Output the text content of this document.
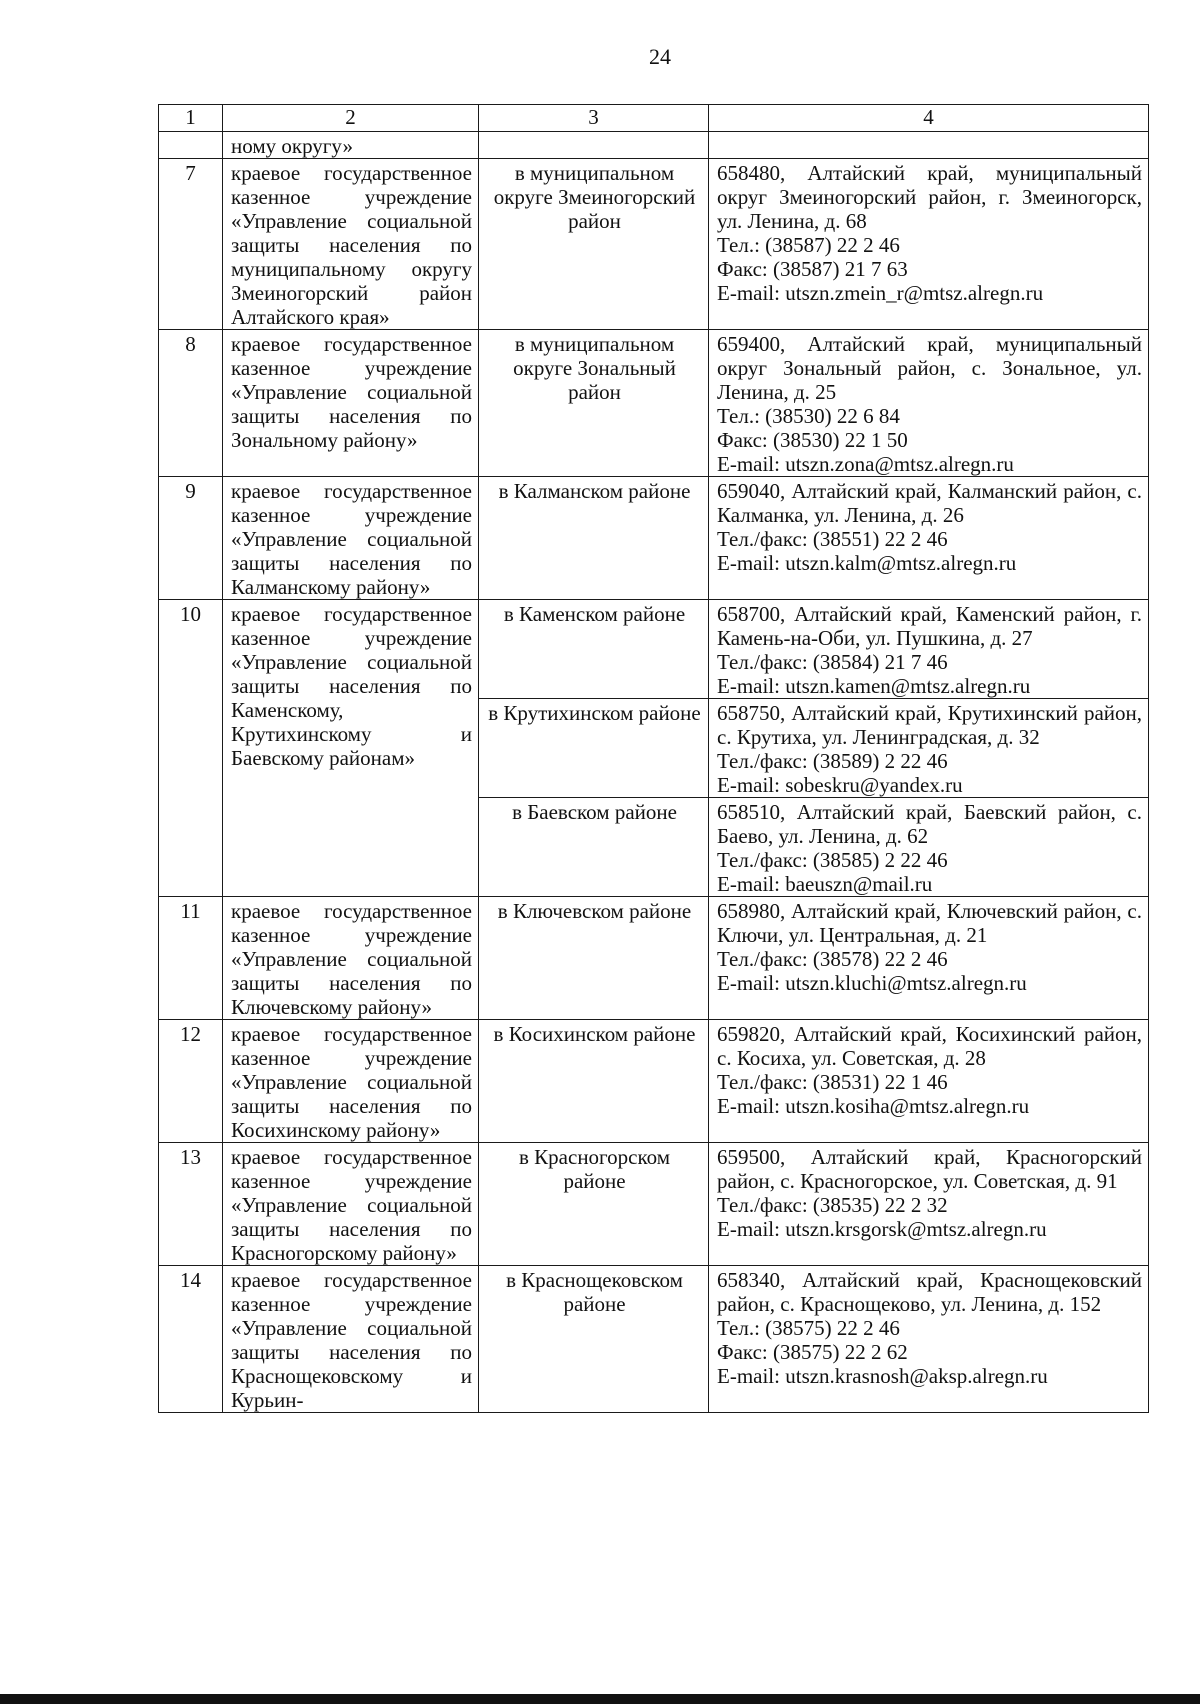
24
1	2	3	4
	ному округу»		
7	краевое государственное казенное учреждение «Управление социальной защиты населения по муниципальному округу Змеиногорский район Алтайского края»	в муниципальном округе Змеиногорский район	658480, Алтайский край, муниципальный округ Змеиногорский район, г. Змеиногорск, ул. Ленина, д. 68
Тел.: (38587) 22 2 46
Факс: (38587) 21 7 63
E-mail: utszn.zmein_r@mtsz.alregn.ru

8	краевое государственное казенное учреждение «Управление социальной защиты населения по Зональному району»	в муниципальном округе Зональный район	659400, Алтайский край, муниципальный округ Зональный район, с. Зональное, ул. Ленина, д. 25
Тел.: (38530) 22 6 84
Факс: (38530) 22 1 50
E-mail: utszn.zona@mtsz.alregn.ru

9	краевое государственное казенное учреждение «Управление социальной защиты населения по Калманскому району»	в Калманском районе	659040, Алтайский край, Калманский район, с. Калманка, ул. Ленина, д. 26
Тел./факс: (38551) 22 2 46
E-mail: utszn.kalm@mtsz.alregn.ru

10	краевое государственное казенное учреждение «Управление социальной защиты населения по Каменскому, Крутихинскому и Баевскому районам»	в Каменском районе	658700, Алтайский край, Каменский район, г. Камень-на-Оби, ул. Пушкина, д. 27
Тел./факс: (38584) 21 7 46
E-mail: utszn.kamen@mtsz.alregn.ru

		в Крутихинском районе	658750, Алтайский край, Крутихинский район, с. Крутиха, ул. Ленинградская, д. 32
Тел./факс: (38589) 2 22 46
E-mail: sobeskru@yandex.ru

		в Баевском районе	658510, Алтайский край, Баевский район, с. Баево, ул. Ленина, д. 62
Тел./факс: (38585) 2 22 46
E-mail: baeuszn@mail.ru

11	краевое государственное казенное учреждение «Управление социальной защиты населения по Ключевскому району»	в Ключевском районе	658980, Алтайский край, Ключевский район, с. Ключи, ул. Центральная, д. 21
Тел./факс: (38578) 22 2 46
E-mail: utszn.kluchi@mtsz.alregn.ru

12	краевое государственное казенное учреждение «Управление социальной защиты населения по Косихинскому району»	в Косихинском районе	659820, Алтайский край, Косихинский район, с. Косиха, ул. Советская, д. 28
Тел./факс: (38531) 22 1 46
E-mail: utszn.kosiha@mtsz.alregn.ru

13	краевое государственное казенное учреждение «Управление социальной защиты населения по Красногорскому району»	в Красногорском районе	659500, Алтайский край, Красногорский район, с. Красногорское, ул. Советская, д. 91
Тел./факс: (38535) 22 2 32
E-mail: utszn.krsgorsk@mtsz.alregn.ru

14	краевое государственное казенное учреждение «Управление социальной защиты населения по Краснощековскому и Курьин-	в Краснощековском районе	658340, Алтайский край, Краснощековский район, с. Краснощеково, ул. Ленина, д. 152
Тел.: (38575) 22 2 46
Факс: (38575) 22 2 62
E-mail: utszn.krasnosh@aksp.alregn.ru
